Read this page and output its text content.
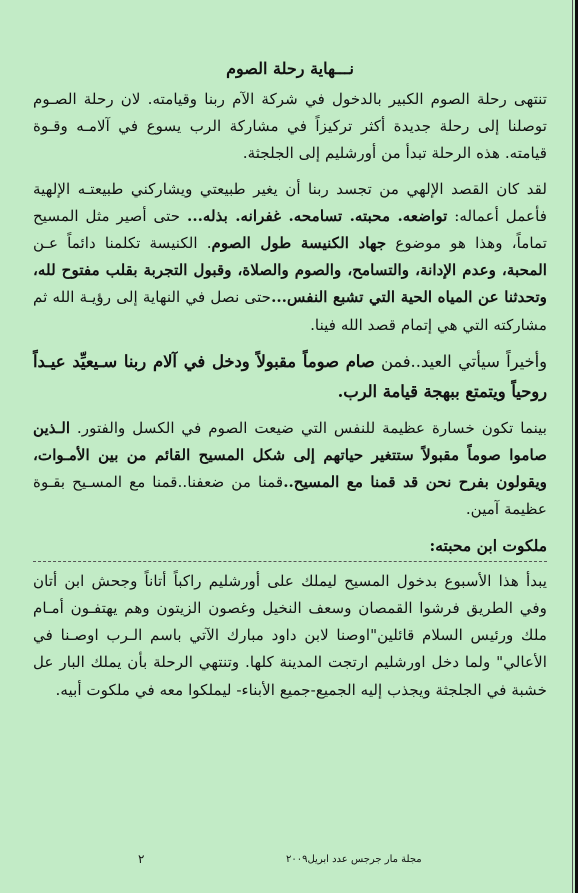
نـــهاية رحلة الصوم
تنتهى رحلة الصوم الكبير بالدخول في شركة الآم ربنا وقيامته. لان رحلة الصـوم توصلنا إلى رحلة جديدة أكثر تركيزاً في مشاركة الرب يسوع في آلامـه وقـوة قيامته. هذه الرحلة تبدأ من أورشليم إلى الجلجثة.
لقد كان القصد الإلهي من تجسد ربنا أن يغير طبيعتي ويشاركني طبيعتـه الإلهية فأعمل أعماله: تواضعه. محبته. تسامحه. غفرانه. بذله... حتى أصير مثل المسيح تماماً، وهذا هو موضوع جهاد الكنيسة طول الصوم. الكنيسة تكلمنا دائماً عـن المحبة، وعدم الإدانة، والتسامح، والصوم والصلاة، وقبول التجربة بقلب مفتوح لله، وتحدثنا عن المياه الحية التي تشبع النفس...حتى نصل في النهاية إلى رؤيـة الله ثم مشاركته التي هي إتمام قصد الله فينا.
وأخيراً سيأتي العيد..فمن صام صوماً مقبولاً ودخل في آلام ربنا سـيعيِّد عيـداً روحياً ويتمتع ببهجة قيامة الرب.
بينما تكون خسارة عظيمة للنفس التي ضيعت الصوم في الكسل والفتور. الـذين صاموا صوماً مقبولاً ستتغير حياتهم إلى شكل المسيح القائم من بين الأمـوات، ويقولون بفرح نحن قد قمنا مع المسيح..قمنا من ضعفنا..قمنا مع المسـيح بقـوة عظيمة آمين.
ملكوت ابن محبته:
يبدأ هذا الأسبوع بدخول المسيح ليملك على أورشليم راكباً أتاناً وجحش ابن أتان وفي الطريق فرشوا القمصان وسعف النخيل وغصون الزيتون وهم يهتفـون أمـام ملك ورئيس السلام قائلين"اوصنا لابن داود مبارك الآتي باسم الـرب اوصـنا في الأعالي" ولما دخل اورشليم ارتجت المدينة كلها. وتنتهي الرحلة بأن يملك البار عل خشبة في الجلجثة ويجذب إليه الجميع-جميع الأبناء- ليملكوا معه في ملكوت أبيه.
٢	مجلة مار جرجس عدد ابريل٢٠٠٩
